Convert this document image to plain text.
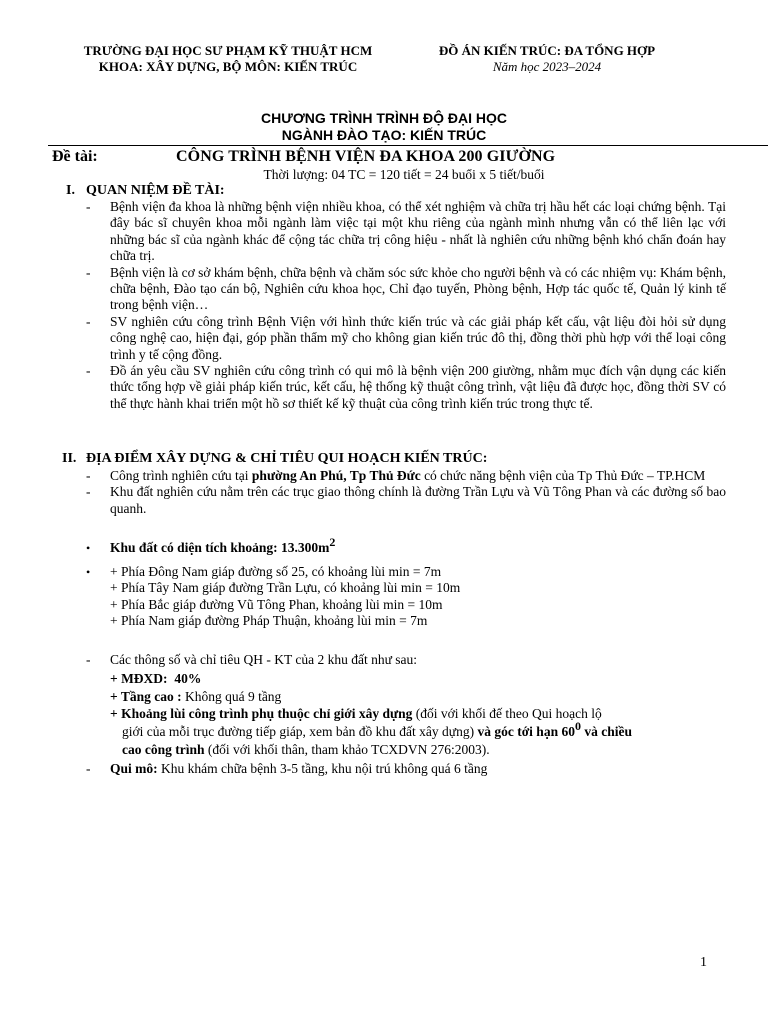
TRƯỜNG ĐẠI HỌC SƯ PHẠM KỸ THUẬT HCM
KHOA: XÂY DỰNG, BỘ MÔN: KIẾN TRÚC
ĐỒ ÁN KIẾN TRÚC: ĐA TỔNG HỢP
Năm học 2023–2024
CHƯƠNG TRÌNH TRÌNH ĐỘ ĐẠI HỌC
NGÀNH ĐÀO TẠO: KIẾN TRÚC
Đề tài:	CÔNG TRÌNH BỆNH VIỆN ĐA KHOA 200 GIƯỜNG
Thời lượng: 04 TC = 120 tiết = 24 buổi x 5 tiết/buổi
I. QUAN NIỆM ĐỀ TÀI:
- Bệnh viện đa khoa là những bệnh viện nhiều khoa, có thể xét nghiệm và chữa trị hầu hết các loại chứng bệnh. Tại đây bác sĩ chuyên khoa mỗi ngành làm việc tại một khu riêng của ngành mình nhưng vẫn có thể liên lạc với những bác sĩ của ngành khác để cộng tác chữa trị công hiệu - nhất là nghiên cứu những bệnh khó chẩn đoán hay chữa trị.
- Bệnh viện là cơ sở khám bệnh, chữa bệnh và chăm sóc sức khỏe cho người bệnh và có các nhiệm vụ: Khám bệnh, chữa bệnh, Đào tạo cán bộ, Nghiên cứu khoa học, Chỉ đạo tuyến, Phòng bệnh, Hợp tác quốc tế, Quản lý kinh tế trong bệnh viện…
- SV nghiên cứu công trình Bệnh Viện với hình thức kiến trúc và các giải pháp kết cấu, vật liệu đòi hỏi sử dụng công nghệ cao, hiện đại, góp phần thẩm mỹ cho không gian kiến trúc đô thị, đồng thời phù hợp với thể loại công trình y tế cộng đồng.
- Đồ án yêu cầu SV nghiên cứu công trình có qui mô là bệnh viện 200 giường, nhằm mục đích vận dụng các kiến thức tổng hợp về giải pháp kiến trúc, kết cấu, hệ thống kỹ thuật công trình, vật liệu đã được học, đồng thời SV có thể thực hành khai triển một hồ sơ thiết kế kỹ thuật của công trình kiến trúc trong thực tế.
II. ĐỊA ĐIỂM XÂY DỰNG & CHỈ TIÊU QUI HOẠCH KIẾN TRÚC:
- Công trình nghiên cứu tại phường An Phú, Tp Thủ Đức có chức năng bệnh viện của Tp Thủ Đức – TP.HCM
- Khu đất nghiên cứu nằm trên các trục giao thông chính là đường Trần Lựu và Vũ Tông Phan và các đường số bao quanh.
• Khu đất có diện tích khoảng: $13.300m^2$
• + Phía Đông Nam giáp đường số 25, có khoảng lùi min = 7m
+ Phía Tây Nam giáp đường Trần Lựu, có khoảng lùi min = 10m
+ Phía Bắc giáp đường Vũ Tông Phan, khoảng lùi min = 10m
+ Phía Nam giáp đường Pháp Thuận, khoảng lùi min = 7m
- Các thông số và chỉ tiêu QH - KT của 2 khu đất như sau:
+ MĐXD: 40%
+ Tầng cao : Không quá 9 tầng
+ Khoảng lùi công trình phụ thuộc chỉ giới xây dựng (đối với khối đế theo Qui hoạch lộ
giới của mỗi trục đường tiếp giáp, xem bản đồ khu đất xây dựng) và góc tới hạn $60^0$ và chiều
cao công trình (đối với khối thân, tham khảo TCXDVN 276:2003).
- Qui mô: Khu khám chữa bệnh 3-5 tầng, khu nội trú không quá 6 tầng
1
